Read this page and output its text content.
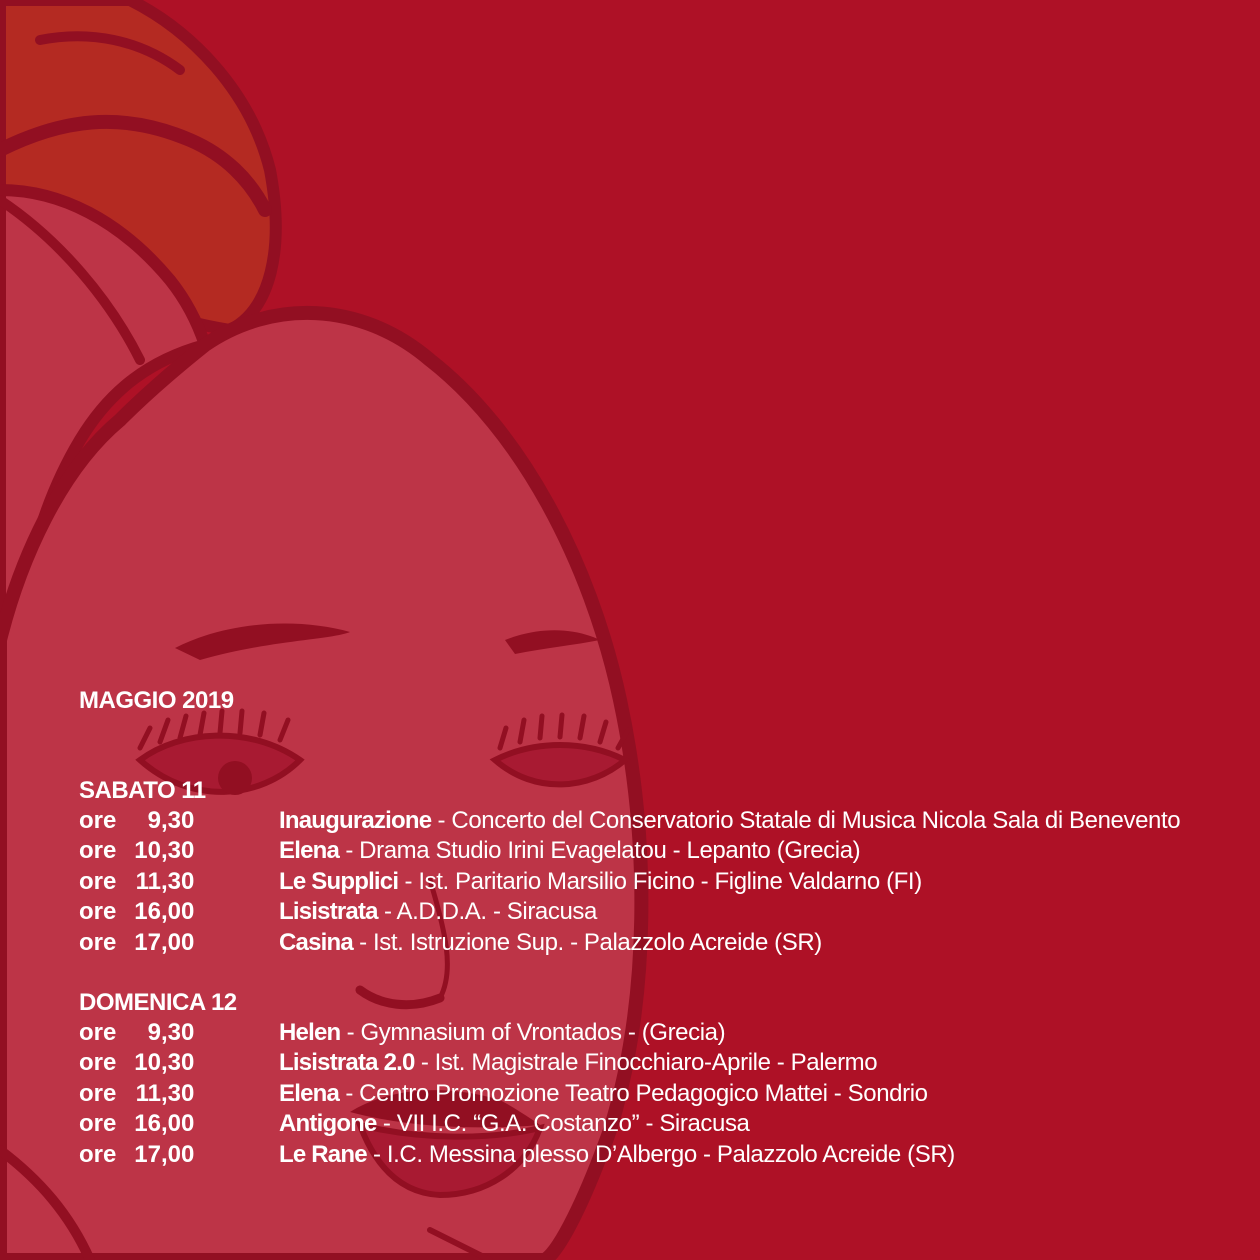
MAGGIO 2019
SABATO 11
ore 9,30	Inaugurazione - Concerto del Conservatorio Statale di Musica Nicola Sala di Benevento
ore 10,30	Elena - Drama Studio Irini Evagelatou - Lepanto (Grecia)
ore 11,30	Le Supplici - Ist. Paritario Marsilio Ficino - Figline Valdarno (FI)
ore 16,00	Lisistrata - A.D.D.A. - Siracusa
ore 17,00	Casina - Ist. Istruzione Sup. - Palazzolo Acreide (SR)
DOMENICA 12
ore 9,30	Helen - Gymnasium of Vrontados - (Grecia)
ore 10,30	Lisistrata 2.0 - Ist. Magistrale Finocchiaro-Aprile - Palermo
ore 11,30	Elena - Centro Promozione Teatro Pedagogico Mattei - Sondrio
ore 16,00	Antigone - VII I.C. “G.A. Costanzo” - Siracusa
ore 17,00	Le Rane - I.C. Messina plesso D’Albergo - Palazzolo Acreide (SR)
